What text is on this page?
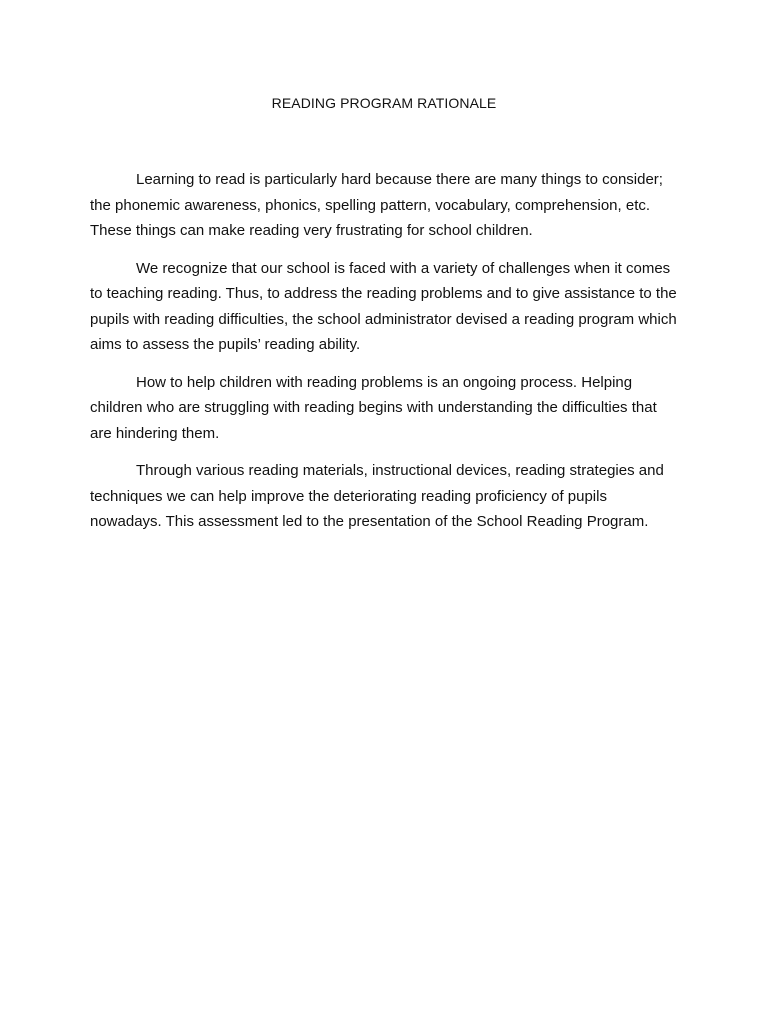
READING PROGRAM RATIONALE

Learning to read is particularly hard because there are many things to consider; the phonemic awareness, phonics, spelling pattern, vocabulary, comprehension, etc. These things can make reading very frustrating for school children.

We recognize that our school is faced with a variety of challenges when it comes to teaching reading. Thus, to address the reading problems and to give assistance to the pupils with reading difficulties, the school administrator devised a reading program which aims to assess the pupils’ reading ability.

How to help children with reading problems is an ongoing process. Helping children who are struggling with reading begins with understanding the difficulties that are hindering them.

Through various reading materials, instructional devices, reading strategies and techniques we can help improve the deteriorating reading proficiency of pupils nowadays. This assessment led to the presentation of the School Reading Program.
